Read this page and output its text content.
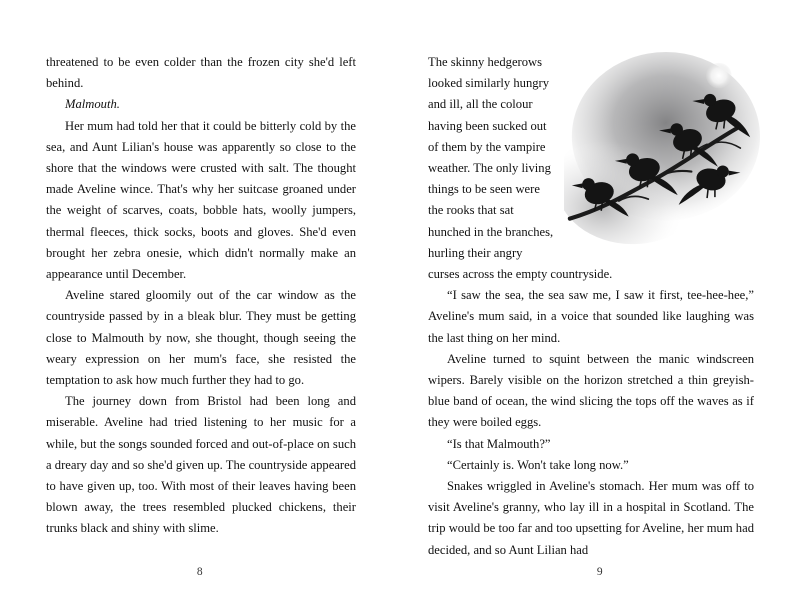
threatened to be even colder than the frozen city she'd left behind.

Malmouth.

Her mum had told her that it could be bitterly cold by the sea, and Aunt Lilian's house was apparently so close to the shore that the windows were crusted with salt. The thought made Aveline wince. That's why her suitcase groaned under the weight of scarves, coats, bobble hats, woolly jumpers, thermal fleeces, thick socks, boots and gloves. She'd even brought her zebra onesie, which didn't normally make an appearance until December.

Aveline stared gloomily out of the car window as the countryside passed by in a bleak blur. They must be getting close to Malmouth by now, she thought, though seeing the weary expression on her mum's face, she resisted the temptation to ask how much further they had to go.

The journey down from Bristol had been long and miserable. Aveline had tried listening to her music for a while, but the songs sounded forced and out-of-place on such a dreary day and so she'd given up. The countryside appeared to have given up, too. With most of their leaves having been blown away, the trees resembled plucked chickens, their trunks black and shiny with slime.

8

The skinny hedgerows looked similarly hungry and ill, all the colour having been sucked out of them by the vampire weather. The only living things to be seen were the rooks that sat hunched in the branches, hurling their angry curses across the empty countryside.

“I saw the sea, the sea saw me, I saw it first, tee-hee-hee,” Aveline's mum said, in a voice that sounded like laughing was the last thing on her mind.

Aveline turned to squint between the manic windscreen wipers. Barely visible on the horizon stretched a thin greyish-blue band of ocean, the wind slicing the tops off the waves as if they were boiled eggs.

“Is that Malmouth?”

“Certainly is. Won't take long now.”

Snakes wriggled in Aveline's stomach. Her mum was off to visit Aveline's granny, who lay ill in a hospital in Scotland. The trip would be too far and too upsetting for Aveline, her mum had decided, and so Aunt Lilian had

9
